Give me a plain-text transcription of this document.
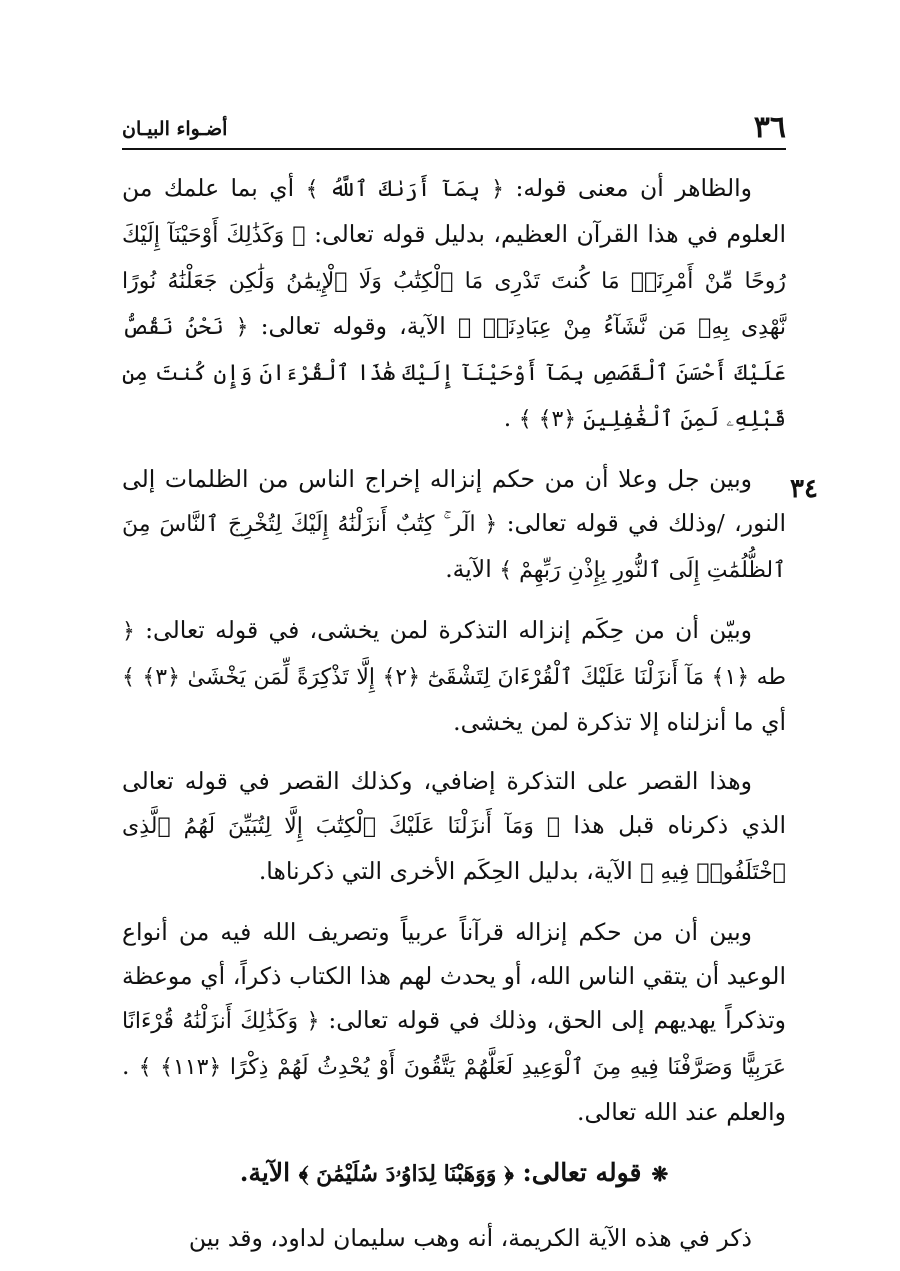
٣٦
أضـواء البيـان
٣٤

والظاهر أن معنى قوله: ﴿ بِمَآ أَرَىٰكَ ٱللَّهُ ﴾ أي بما علمك من العلوم في هذا القرآن العظيم، بدليل قوله تعالى: ﴿ وَكَذَٰلِكَ أَوْحَيْنَآ إِلَيْكَ رُوحًا مِّنْ أَمْرِنَاۚ مَا كُنتَ تَدْرِى مَا ٱلْكِتَٰبُ وَلَا ٱلْإِيمَٰنُ وَلَٰكِن جَعَلْنَٰهُ نُورًا نَّهْدِى بِهِۦ مَن نَّشَآءُ مِنْ عِبَادِنَاۚ ﴾ الآية، وقوله تعالى: ﴿ نَحْنُ نَقُصُّ عَلَيْكَ أَحْسَنَ ٱلْقَصَصِ بِمَآ أَوْحَيْنَآ إِلَيْكَ هَٰذَا ٱلْقُرْءَانَ وَإِن كُنتَ مِن قَبْلِهِۦ لَمِنَ ٱلْغَٰفِلِينَ ﴿٣﴾ ﴾ .

وبين جل وعلا أن من حكم إنزاله إخراج الناس من الظلمات إلى النور، /وذلك في قوله تعالى: ﴿ الٓر ۚ كِتَٰبٌ أَنزَلْنَٰهُ إِلَيْكَ لِتُخْرِجَ ٱلنَّاسَ مِنَ ٱلظُّلُمَٰتِ إِلَى ٱلنُّورِ بِإِذْنِ رَبِّهِمْ ﴾ الآية.

وبيّن أن من حِكَم إنزاله التذكرة لمن يخشى، في قوله تعالى: ﴿ طه ﴿١﴾ مَآ أَنزَلْنَا عَلَيْكَ ٱلْقُرْءَانَ لِتَشْقَىٰٓ ﴿٢﴾ إِلَّا تَذْكِرَةً لِّمَن يَخْشَىٰ ﴿٣﴾ ﴾ أي ما أنزلناه إلا تذكرة لمن يخشى.

وهذا القصر على التذكرة إضافي، وكذلك القصر في قوله تعالى الذي ذكرناه قبل هذا ﴿ وَمَآ أَنزَلْنَا عَلَيْكَ ٱلْكِتَٰبَ إِلَّا لِتُبَيِّنَ لَهُمُ ٱلَّذِى ٱخْتَلَفُوا۟ فِيهِ ﴾ الآية، بدليل الحِكَم الأخرى التي ذكرناها.

وبين أن من حكم إنزاله قرآناً عربياً وتصريف الله فيه من أنواع الوعيد أن يتقي الناس الله، أو يحدث لهم هذا الكتاب ذكراً، أي موعظة وتذكراً يهديهم إلى الحق، وذلك في قوله تعالى: ﴿ وَكَذَٰلِكَ أَنزَلْنَٰهُ قُرْءَانًا عَرَبِيًّا وَصَرَّفْنَا فِيهِ مِنَ ٱلْوَعِيدِ لَعَلَّهُمْ يَتَّقُونَ أَوْ يُحْدِثُ لَهُمْ ذِكْرًا ﴿١١٣﴾ ﴾ . والعلم عند الله تعالى.

❋قوله تعالى: ﴿ وَوَهَبْنَا لِدَاوُۥدَ سُلَيْمَٰنَ ﴾ الآية.

ذكر في هذه الآية الكريمة، أنه وهب سليمان لداود، وقد بين
